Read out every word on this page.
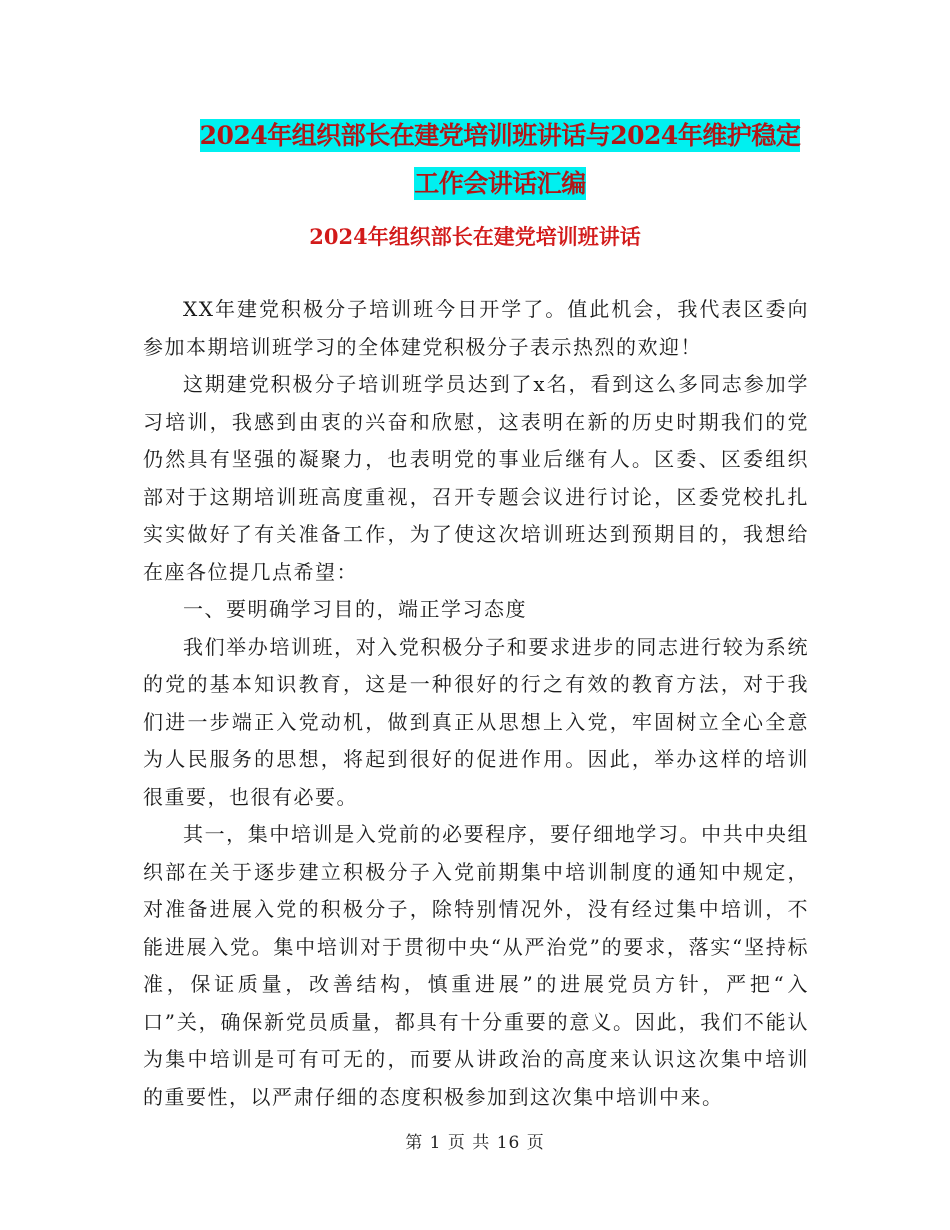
2024年组织部长在建党培训班讲话与2024年维护稳定
工作会讲话汇编
2024年组织部长在建党培训班讲话

XX年建党积极分子培训班今日开学了。值此机会，我代表区委向参加本期培训班学习的全体建党积极分子表示热烈的欢迎！

这期建党积极分子培训班学员达到了x名，看到这么多同志参加学习培训，我感到由衷的兴奋和欣慰，这表明在新的历史时期我们的党仍然具有坚强的凝聚力，也表明党的事业后继有人。区委、区委组织部对于这期培训班高度重视，召开专题会议进行讨论，区委党校扎扎实实做好了有关准备工作，为了使这次培训班达到预期目的，我想给在座各位提几点希望：

一、要明确学习目的，端正学习态度

我们举办培训班，对入党积极分子和要求进步的同志进行较为系统的党的基本知识教育，这是一种很好的行之有效的教育方法，对于我们进一步端正入党动机，做到真正从思想上入党，牢固树立全心全意为人民服务的思想，将起到很好的促进作用。因此，举办这样的培训很重要，也很有必要。

其一，集中培训是入党前的必要程序，要仔细地学习。中共中央组织部在关于逐步建立积极分子入党前期集中培训制度的通知中规定，对准备进展入党的积极分子，除特别情况外，没有经过集中培训，不能进展入党。集中培训对于贯彻中央“从严治党”的要求，落实“坚持标准，保证质量，改善结构，慎重进展”的进展党员方针，严把“入口”关，确保新党员质量，都具有十分重要的意义。因此，我们不能认为集中培训是可有可无的，而要从讲政治的高度来认识这次集中培训的重要性，以严肃仔细的态度积极参加到这次集中培训中来。

第 1 页 共 16 页
